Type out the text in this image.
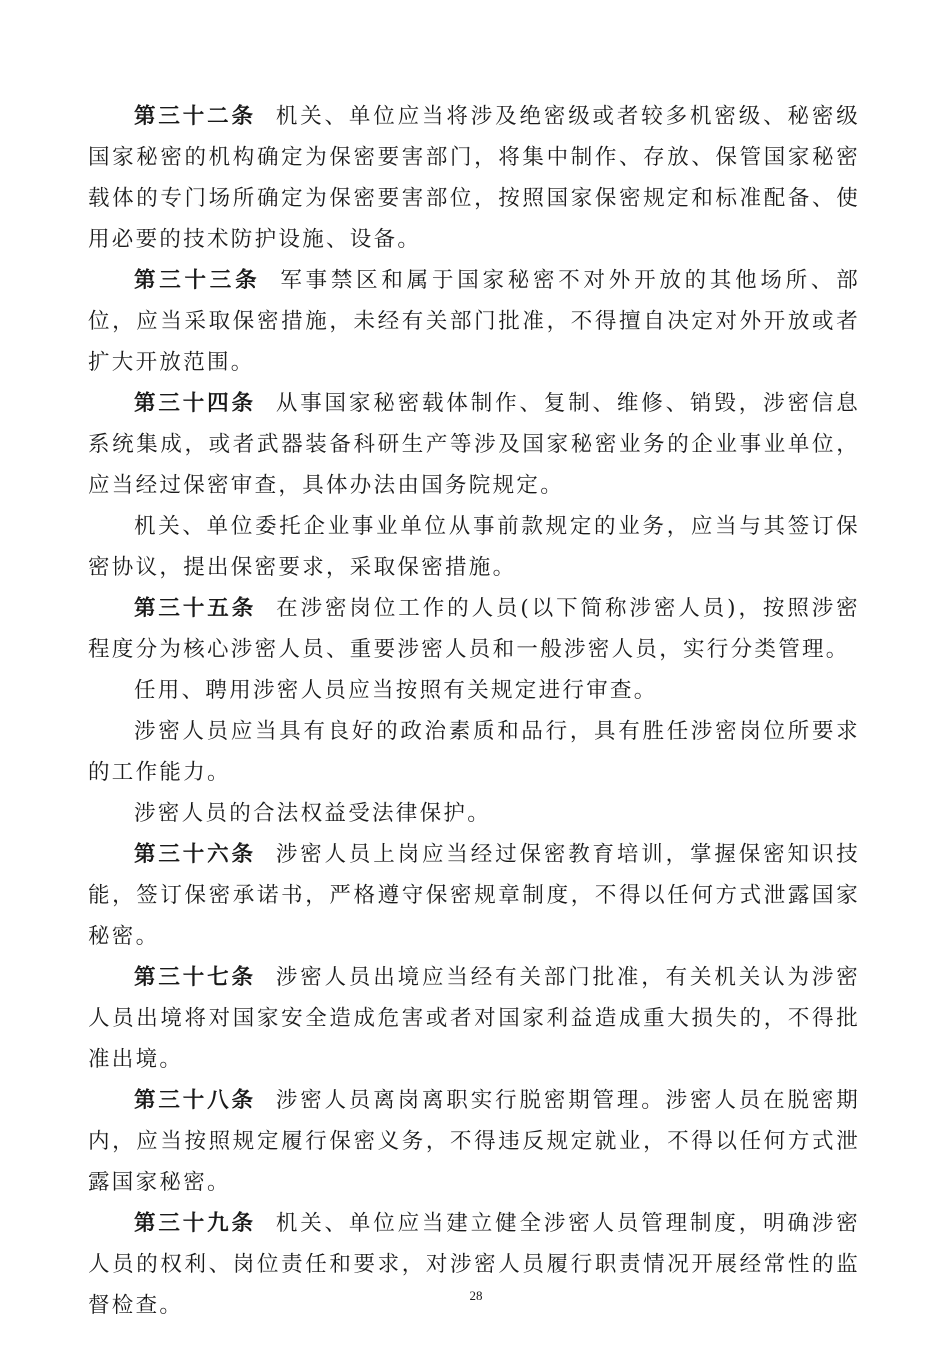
第三十二条 机关、单位应当将涉及绝密级或者较多机密级、秘密级国家秘密的机构确定为保密要害部门，将集中制作、存放、保管国家秘密载体的专门场所确定为保密要害部位，按照国家保密规定和标准配备、使用必要的技术防护设施、设备。

第三十三条 军事禁区和属于国家秘密不对外开放的其他场所、部位，应当采取保密措施，未经有关部门批准，不得擅自决定对外开放或者扩大开放范围。

第三十四条 从事国家秘密载体制作、复制、维修、销毁，涉密信息系统集成，或者武器装备科研生产等涉及国家秘密业务的企业事业单位，应当经过保密审查，具体办法由国务院规定。

机关、单位委托企业事业单位从事前款规定的业务，应当与其签订保密协议，提出保密要求，采取保密措施。

第三十五条 在涉密岗位工作的人员(以下简称涉密人员)，按照涉密程度分为核心涉密人员、重要涉密人员和一般涉密人员，实行分类管理。

任用、聘用涉密人员应当按照有关规定进行审查。

涉密人员应当具有良好的政治素质和品行，具有胜任涉密岗位所要求的工作能力。

涉密人员的合法权益受法律保护。

第三十六条 涉密人员上岗应当经过保密教育培训，掌握保密知识技能，签订保密承诺书，严格遵守保密规章制度，不得以任何方式泄露国家秘密。

第三十七条 涉密人员出境应当经有关部门批准，有关机关认为涉密人员出境将对国家安全造成危害或者对国家利益造成重大损失的，不得批准出境。

第三十八条 涉密人员离岗离职实行脱密期管理。涉密人员在脱密期内，应当按照规定履行保密义务，不得违反规定就业，不得以任何方式泄露国家秘密。

第三十九条 机关、单位应当建立健全涉密人员管理制度，明确涉密人员的权利、岗位责任和要求，对涉密人员履行职责情况开展经常性的监督检查。	28
